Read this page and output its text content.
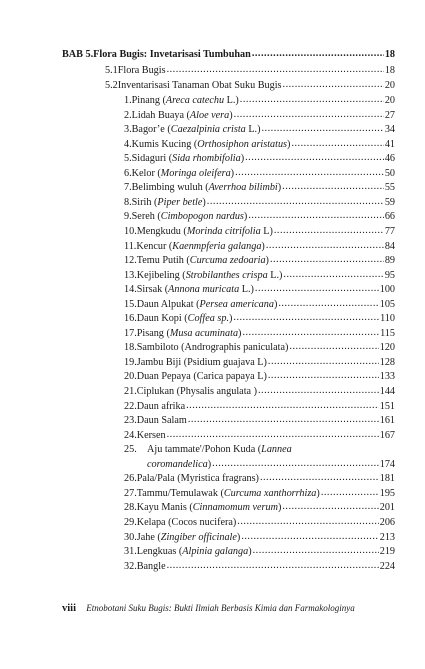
BAB 5. Flora Bugis: Invetarisasi Tumbuhan .....	18
5.1 Flora Bugis .....	18
5.2 Inventarisasi Tanaman Obat Suku Bugis .....	20
1. Pinang (Areca catechu L.) .....	20
2. Lidah Buaya (Aloe vera) .....	27
3. Bagor’e (Caezalpinia crista L.) .....	34
4. Kumis Kucing (Orthosiphon aristatus) .....	41
5. Sidaguri (Sida rhombifolia) .....	46
6. Kelor (Moringa oleifera) .....	50
7. Belimbing wuluh (Averrhoa bilimbi) .....	55
8. Sirih (Piper betle) .....	59
9. Sereh (Cimbopogon nardus) .....	66
10. Mengkudu (Morinda citrifolia L) .....	77
11. Kencur (Kaenmpferia galanga) .....	84
12. Temu Putih (Curcuma zedoaria) .....	89
13. Kejibeling (Strobilanthes crispa L.) .....	95
14. Sirsak (Annona muricata L.) .....	100
15. Daun Alpukat (Persea americana) .....	105
16. Daun Kopi (Coffea sp.) .....	110
17. Pisang (Musa acuminata) .....	115
18. Sambiloto (Andrographis paniculata) .....	120
19. Jambu Biji (Psidium guajava L) .....	128
20. Duan Pepaya (Carica papaya L) .....	133
21. Ciplukan (Physalis angulata ) .....	144
22. Daun afrika .....	151
23. Daun Salam .....	161
24. Kersen .....	167
25.	Aju tammate'/Pohon Kuda (Lannea
coromandelica) .....	174
26. Pala/Pala (Myristica fragrans) .....	181
27. Tammu/Temulawak (Curcuma xanthorrhiza) .....	195
28. Kayu Manis (Cinnamomum verum) .....	201
29. Kelapa (Cocos nucifera) .....	206
30. Jahe (Zingiber officinale) .....	213
31. Lengkuas (Alpinia galanga) .....	219
32. Bangle .....	224
viii Etnobotani Suku Bugis: Bukti Ilmiah Berbasis Kimia dan Farmakologinya
